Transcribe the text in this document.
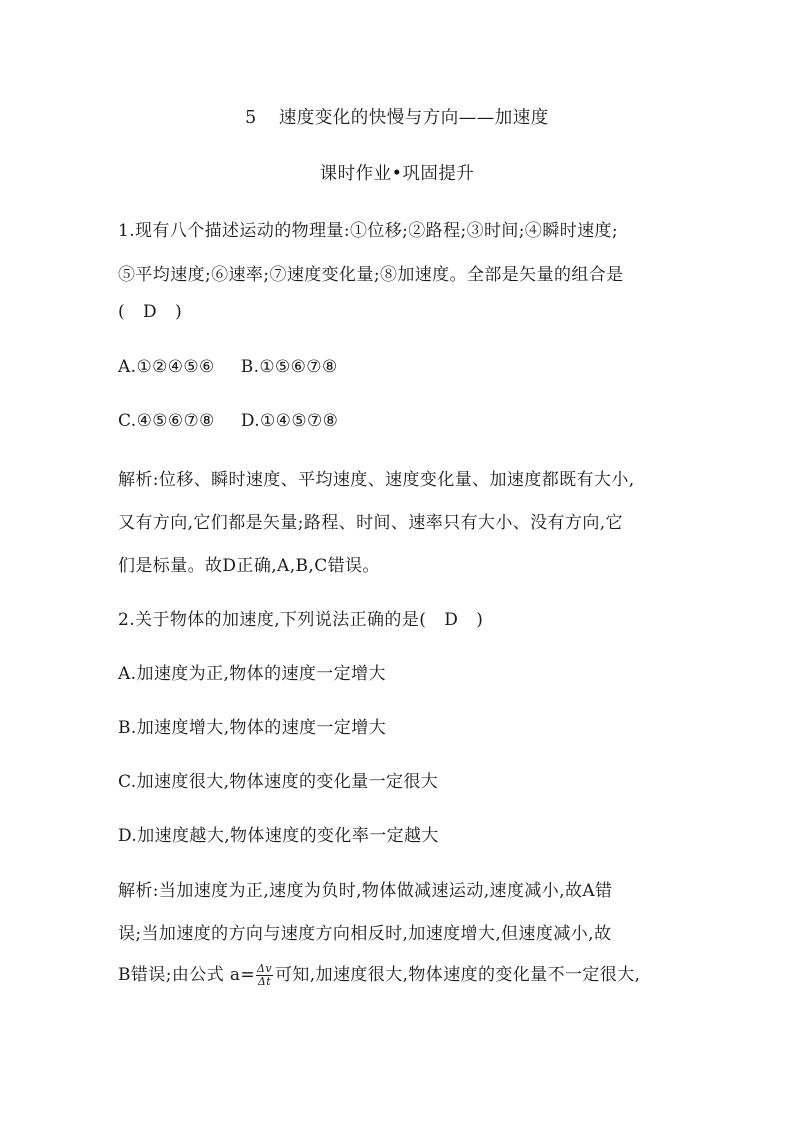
5 速度变化的快慢与方向——加速度
课时作业•巩固提升
1.现有八个描述运动的物理量:①位移;②路程;③时间;④瞬时速度;
⑤平均速度;⑥速率;⑦速度变化量;⑧加速度。全部是矢量的组合是
( D )
A.①②④⑤⑥ B.①⑤⑥⑦⑧
C.④⑤⑥⑦⑧ D.①④⑤⑦⑧
解析:位移、瞬时速度、平均速度、速度变化量、加速度都既有大小,
又有方向,它们都是矢量;路程、时间、速率只有大小、没有方向,它
们是标量。故D正确,A,B,C错误。
2.关于物体的加速度,下列说法正确的是( D )
A.加速度为正,物体的速度一定增大
B.加速度增大,物体的速度一定增大
C.加速度很大,物体速度的变化量一定很大
D.加速度越大,物体速度的变化率一定越大
解析:当加速度为正,速度为负时,物体做减速运动,速度减小,故A错
误;当加速度的方向与速度方向相反时,加速度增大,但速度减小,故
B错误;由公式 $a= \frac{\Delta v}{\Delta t}$ 可知,加速度很大,物体速度的变化量不一定很大,
